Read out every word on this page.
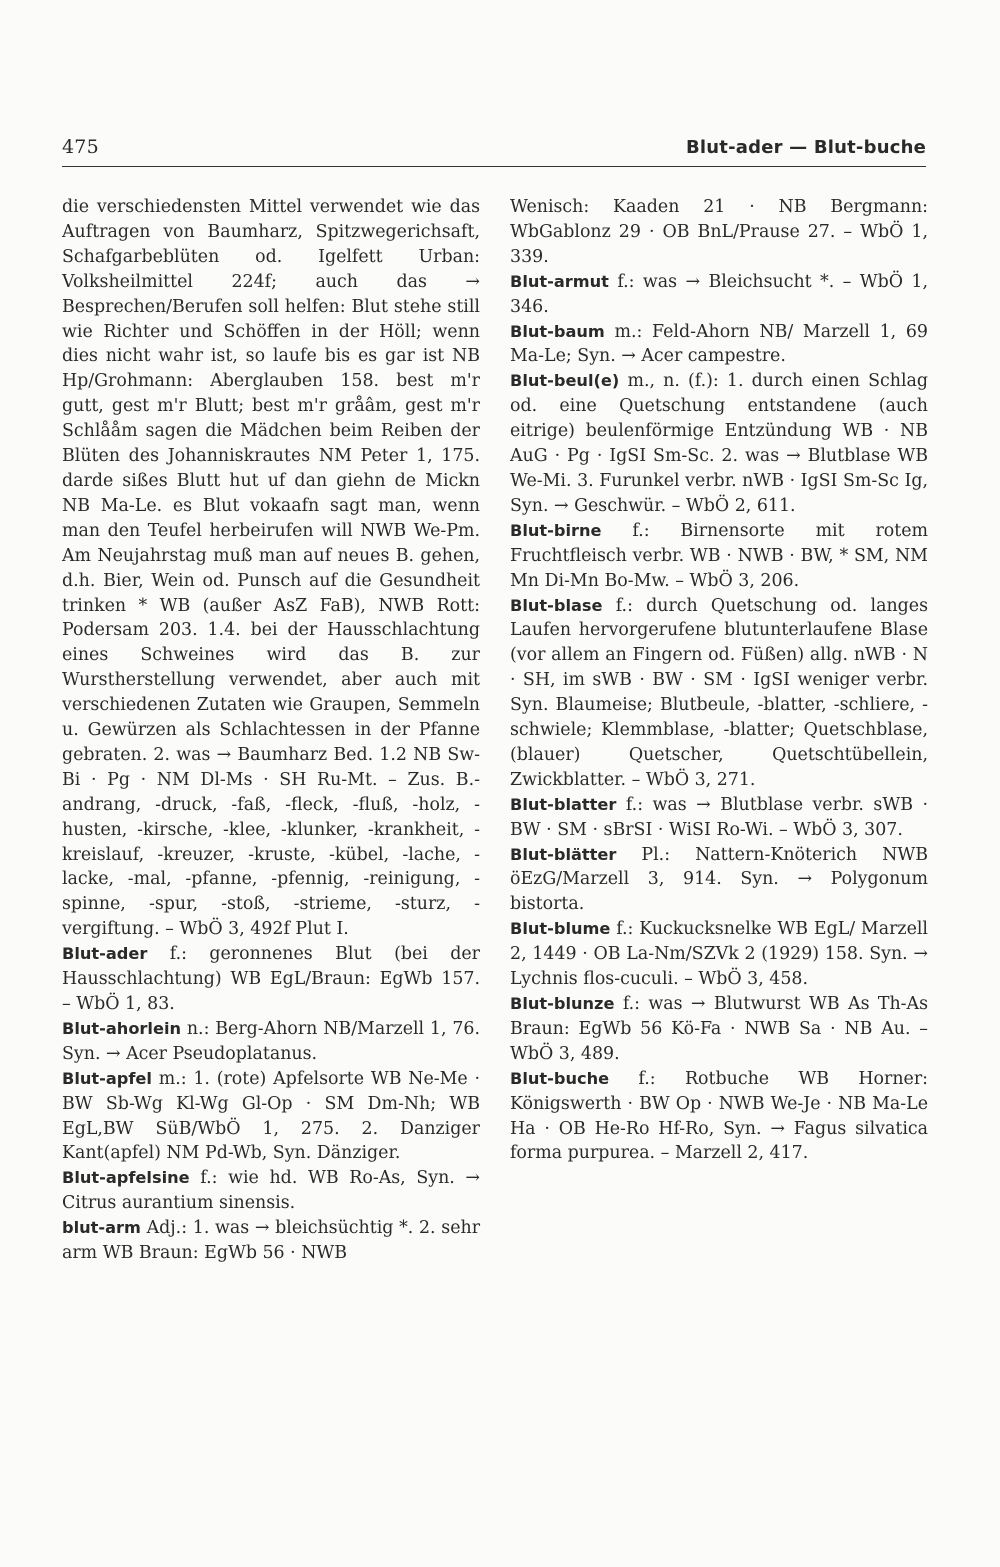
475	Blut-ader — Blut-buche

die verschiedensten Mittel verwendet wie das Auftragen von Baumharz, Spitzwegerichsaft, Schafgarbeblüten od. Igelfett Urban: Volksheilmittel 224f; auch das → Besprechen/Berufen soll helfen: Blut stehe still wie Richter und Schöffen in der Höll; wenn dies nicht wahr ist, so laufe bis es gar ist NB Hp/Grohmann: Aberglauben 158. best m'r gutt, gest m'r Blutt; best m'r gråâm, gest m'r Schlååm sagen die Mädchen beim Reiben der Blüten des Johanniskrautes NM Peter 1, 175. darde sißes Blutt hut uf dan giehn de Mickn NB Ma-Le. es Blut vokaafn sagt man, wenn man den Teufel herbeirufen will NWB We-Pm. Am Neujahrstag muß man auf neues B. gehen, d.h. Bier, Wein od. Punsch auf die Gesundheit trinken * WB (außer AsZ FaB), NWB Rott: Podersam 203. 1.4. bei der Hausschlachtung eines Schweines wird das B. zur Wurstherstellung verwendet, aber auch mit verschiedenen Zutaten wie Graupen, Semmeln u. Gewürzen als Schlachtessen in der Pfanne gebraten. 2. was → Baumharz Bed. 1.2 NB Sw-Bi · Pg · NM Dl-Ms · SH Ru-Mt. – Zus. B.-andrang, -druck, -faß, -fleck, -fluß, -holz, -husten, -kirsche, -klee, -klunker, -krankheit, -kreislauf, -kreuzer, -kruste, -kübel, -lache, -lacke, -mal, -pfanne, -pfennig, -reinigung, -spinne, -spur, -stoß, -strieme, -sturz, -vergiftung. – WbÖ 3, 492f Plut I.

Blut-ader f.: geronnenes Blut (bei der Hausschlachtung) WB EgL/Braun: EgWb 157. – WbÖ 1, 83.

Blut-ahorlein n.: Berg-Ahorn NB/Marzell 1, 76. Syn. → Acer Pseudoplatanus.

Blut-apfel m.: 1. (rote) Apfelsorte WB Ne-Me · BW Sb-Wg Kl-Wg Gl-Op · SM Dm-Nh; WB EgL,BW SüB/WbÖ 1, 275. 2. Danziger Kant(apfel) NM Pd-Wb, Syn. Dänziger.

Blut-apfelsine f.: wie hd. WB Ro-As, Syn. → Citrus aurantium sinensis.

blut-arm Adj.: 1. was → bleichsüchtig *. 2. sehr arm WB Braun: EgWb 56 · NWB

Wenisch: Kaaden 21 · NB Bergmann: WbGablonz 29 · OB BnL/Prause 27. – WbÖ 1, 339.

Blut-armut f.: was → Bleichsucht *. – WbÖ 1, 346.

Blut-baum m.: Feld-Ahorn NB/ Marzell 1, 69 Ma-Le; Syn. → Acer campestre.

Blut-beul(e) m., n. (f.): 1. durch einen Schlag od. eine Quetschung entstandene (auch eitrige) beulenförmige Entzündung WB · NB AuG · Pg · IgSI Sm-Sc. 2. was → Blutblase WB We-Mi. 3. Furunkel verbr. nWB · IgSI Sm-Sc Ig, Syn. → Geschwür. – WbÖ 2, 611.

Blut-birne f.: Birnensorte mit rotem Fruchtfleisch verbr. WB · NWB · BW, * SM, NM Mn Di-Mn Bo-Mw. – WbÖ 3, 206.

Blut-blase f.: durch Quetschung od. langes Laufen hervorgerufene blutunterlaufene Blase (vor allem an Fingern od. Füßen) allg. nWB · N · SH, im sWB · BW · SM · IgSI weniger verbr. Syn. Blaumeise; Blutbeule, -blatter, -schliere, -schwiele; Klemmblase, -blatter; Quetschblase, (blauer) Quetscher, Quetschtübellein, Zwickblatter. – WbÖ 3, 271.

Blut-blatter f.: was → Blutblase verbr. sWB · BW · SM · sBrSI · WiSI Ro-Wi. – WbÖ 3, 307.

Blut-blätter Pl.: Nattern-Knöterich NWB öEzG/Marzell 3, 914. Syn. → Polygonum bistorta.

Blut-blume f.: Kuckucksnelke WB EgL/ Marzell 2, 1449 · OB La-Nm/SZVk 2 (1929) 158. Syn. → Lychnis flos-cuculi. – WbÖ 3, 458.

Blut-blunze f.: was → Blutwurst WB As Th-As Braun: EgWb 56 Kö-Fa · NWB Sa · NB Au. – WbÖ 3, 489.

Blut-buche f.: Rotbuche WB Horner: Königswerth · BW Op · NWB We-Je · NB Ma-Le Ha · OB He-Ro Hf-Ro, Syn. → Fagus silvatica forma purpurea. – Marzell 2, 417.
